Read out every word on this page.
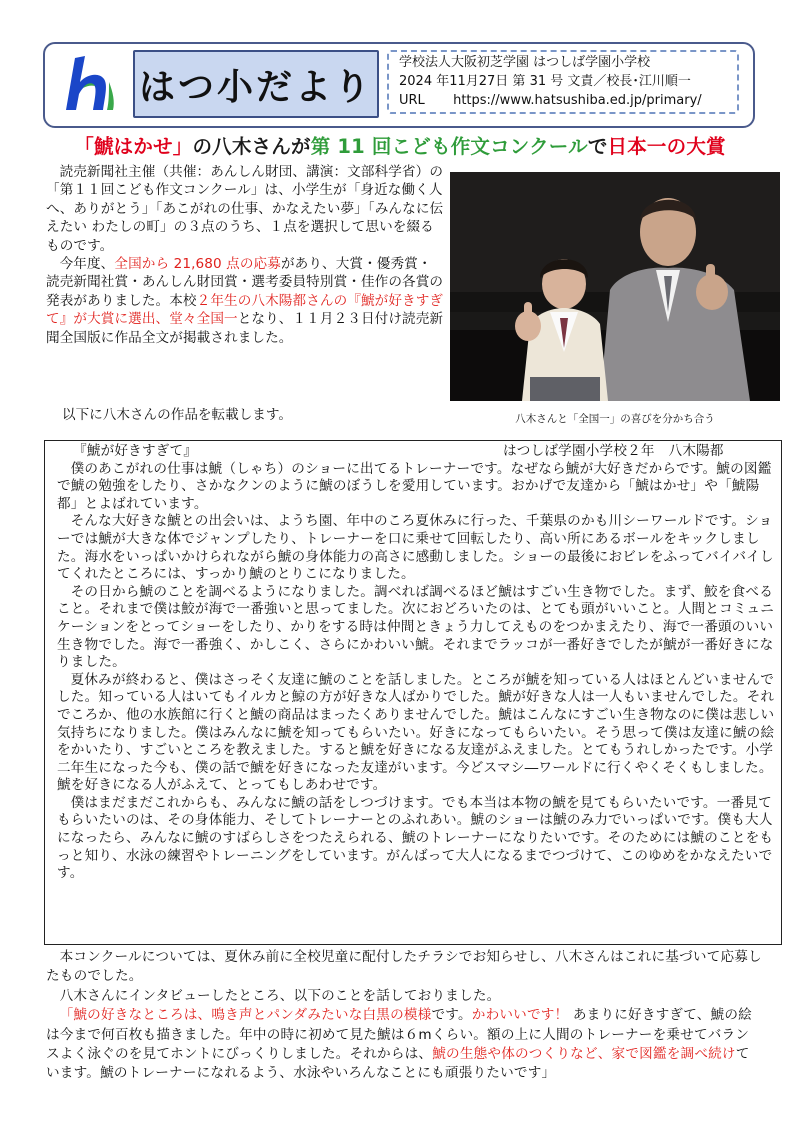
はつ小だより
学校法人大阪初芝学園 はつしば学園小学校
2024 年11月27日 第 31 号 文責／校長･江川順一
URL https://www.hatsushiba.ed.jp/primary/
「鯱はかせ」の八木さんが第 11 回こども作文コンクールで日本一の大賞

読売新聞社主催（共催：あんしん財団、講演：文部科学省）の「第１１回こども作文コンクール」は、小学生が「身近な働く人へ、ありがとう」「あこがれの仕事、かなえたい夢」「みんなに伝えたい わたしの町」の３点のうち、１点を選択して思いを綴るものです。

今年度、全国から 21,680 点の応募があり、大賞・優秀賞・読売新聞社賞・あんしん財団賞・選考委員特別賞・佳作の各賞の発表がありました。本校２年生の八木陽都さんの『鯱が好きすぎて』が大賞に選出、堂々全国一となり、１１月２３日付け読売新聞全国版に作品全文が掲載されました。

以下に八木さんの作品を転載します。	八木さんと「全国一」の喜びを分かち合う
『鯱が好きすぎて』	はつしば学園小学校２年　八木陽都

僕のあこがれの仕事は鯱（しゃち）のショーに出てるトレーナーです。なぜなら鯱が大好きだからです。鯱の図鑑で鯱の勉強をしたり、さかなクンのように鯱のぼうしを愛用しています。おかげで友達から「鯱はかせ」や「鯱陽都」とよばれています。

そんな大好きな鯱との出会いは、ようち園、年中のころ夏休みに行った、千葉県のかも川シーワールドです。ショーでは鯱が大きな体でジャンプしたり、トレーナーを口に乗せて回転したり、高い所にあるボールをキックしました。海水をいっぱいかけられながら鯱の身体能力の高さに感動しました。ショーの最後におビレをふってバイバイしてくれたところには、すっかり鯱のとりこになりました。

その日から鯱のことを調べるようになりました。調べれば調べるほど鯱はすごい生き物でした。まず、鮫を食べること。それまで僕は鮫が海で一番強いと思ってました。次におどろいたのは、とても頭がいいこと。人間とコミュニケーションをとってショーをしたり、かりをする時は仲間ときょう力してえものをつかまえたり、海で一番頭のいい生き物でした。海で一番強く、かしこく、さらにかわいい鯱。それまでラッコが一番好きでしたが鯱が一番好きになりました。

夏休みが終わると、僕はさっそく友達に鯱のことを話しました。ところが鯱を知っている人はほとんどいませんでした。知っている人はいてもイルカと鯨の方が好きな人ばかりでした。鯱が好きな人は一人もいませんでした。それでころか、他の水族館に行くと鯱の商品はまったくありませんでした。鯱はこんなにすごい生き物なのに僕は悲しい気持ちになりました。僕はみんなに鯱を知ってもらいたい。好きになってもらいたい。そう思って僕は友達に鯱の絵をかいたり、すごいところを教えました。すると鯱を好きになる友達がふえました。とてもうれしかったです。小学二年生になった今も、僕の話で鯱を好きになった友達がいます。今どスマシ―ワールドに行くやくそくもしました。鯱を好きになる人がふえて、とってもしあわせです。

僕はまだまだこれからも、みんなに鯱の話をしつづけます。でも本当は本物の鯱を見てもらいたいです。一番見てもらいたいのは、その身体能力、そしてトレーナーとのふれあい。鯱のショーは鯱のみ力でいっぱいです。僕も大人になったら、みんなに鯱のすばらしさをつたえられる、鯱のトレーナーになりたいです。そのためには鯱のことをもっと知り、水泳の練習やトレーニングをしています。がんばって大人になるまでつづけて、このゆめをかなえたいです。

本コンクールについては、夏休み前に全校児童に配付したチラシでお知らせし、八木さんはこれに基づいて応募したものでした。

八木さんにインタビューしたところ、以下のことを話しておりました。

「鯱の好きなところは、鳴き声とパンダみたいな白黒の模様です。かわいいです！ あまりに好きすぎて、鯱の絵は今まで何百枚も描きました。年中の時に初めて見た鯱は６mくらい。額の上に人間のトレーナーを乗せてバランスよく泳ぐのを見てホントにびっくりしました。それからは、鯱の生態や体のつくりなど、家で図鑑を調べ続けています。鯱のトレーナーになれるよう、水泳やいろんなことにも頑張りたいです」
